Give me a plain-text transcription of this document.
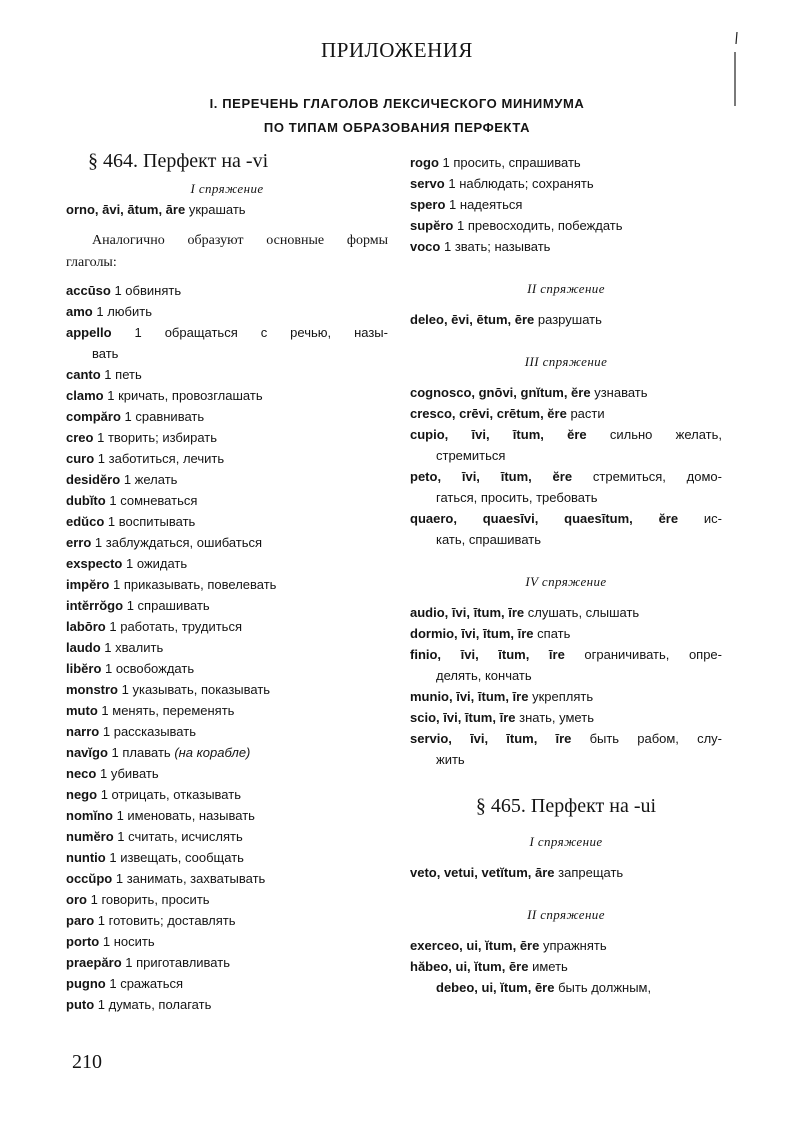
ПРИЛОЖЕНИЯ
I. ПЕРЕЧЕНЬ ГЛАГОЛОВ ЛЕКСИЧЕСКОГО МИНИМУМА
ПО ТИПАМ ОБРАЗОВАНИЯ ПЕРФЕКТА
§ 464. Перфект на -vi
I спряжение
orno, āvi, ātum, āre украшать
Аналогично образуют основные формы
глаголы:
accūso 1 обвинять
amo 1 любить
appello 1 обращаться с речью, назы-
вать
canto 1 петь
clamo 1 кричать, провозглашать
compăro 1 сравнивать
creo 1 творить; избирать
curo 1 заботиться, лечить
desidĕro 1 желать
dubĭto 1 сомневаться
edŭco 1 воспитывать
erro 1 заблуждаться, ошибаться
exspecto 1 ожидать
impĕro 1 приказывать, повелевать
intĕrrŏgo 1 спрашивать
labōro 1 работать, трудиться
laudo 1 хвалить
libĕro 1 освобождать
monstro 1 указывать, показывать
muto 1 менять, переменять
narro 1 рассказывать
navĭgo 1 плавать (на корабле)
neco 1 убивать
nego 1 отрицать, отказывать
nomĭno 1 именовать, называть
numĕro 1 считать, исчислять
nuntio 1 извещать, сообщать
occŭpo 1 занимать, захватывать
oro 1 говорить, просить
paro 1 готовить; доставлять
porto 1 носить
praepăro 1 приготавливать
pugno 1 сражаться
puto 1 думать, полагать
rogo 1 просить, спрашивать
servo 1 наблюдать; сохранять
spero 1 надеяться
supĕro 1 превосходить, побеждать
voco 1 звать; называть
II спряжение
deleo, ēvi, ētum, ēre разрушать
III спряжение
cognosco, gnōvi, gnĭtum, ĕre узнавать
cresco, crēvi, crētum, ĕre расти
cupio, īvi, ītum, ĕre сильно желать,
стремиться
peto, īvi, ītum, ĕre стремиться, домо-
гаться, просить, требовать
quaero, quaesīvi, quaesītum, ĕre ис-
кать, спрашивать
IV спряжение
audio, īvi, ītum, īre слушать, слышать
dormio, īvi, ītum, īre спать
finio, īvi, ītum, īre ограничивать, опре-
делять, кончать
munio, īvi, ītum, īre укреплять
scio, īvi, ītum, īre знать, уметь
servio, īvi, ītum, īre быть рабом, слу-
жить
§ 465. Перфект на -ui
I спряжение
veto, vetui, vetĭtum, āre запрещать
II спряжение
exerceo, ui, ĭtum, ēre упражнять
hăbeo, ui, ĭtum, ēre иметь
debeo, ui, ĭtum, ēre быть должным,
210
